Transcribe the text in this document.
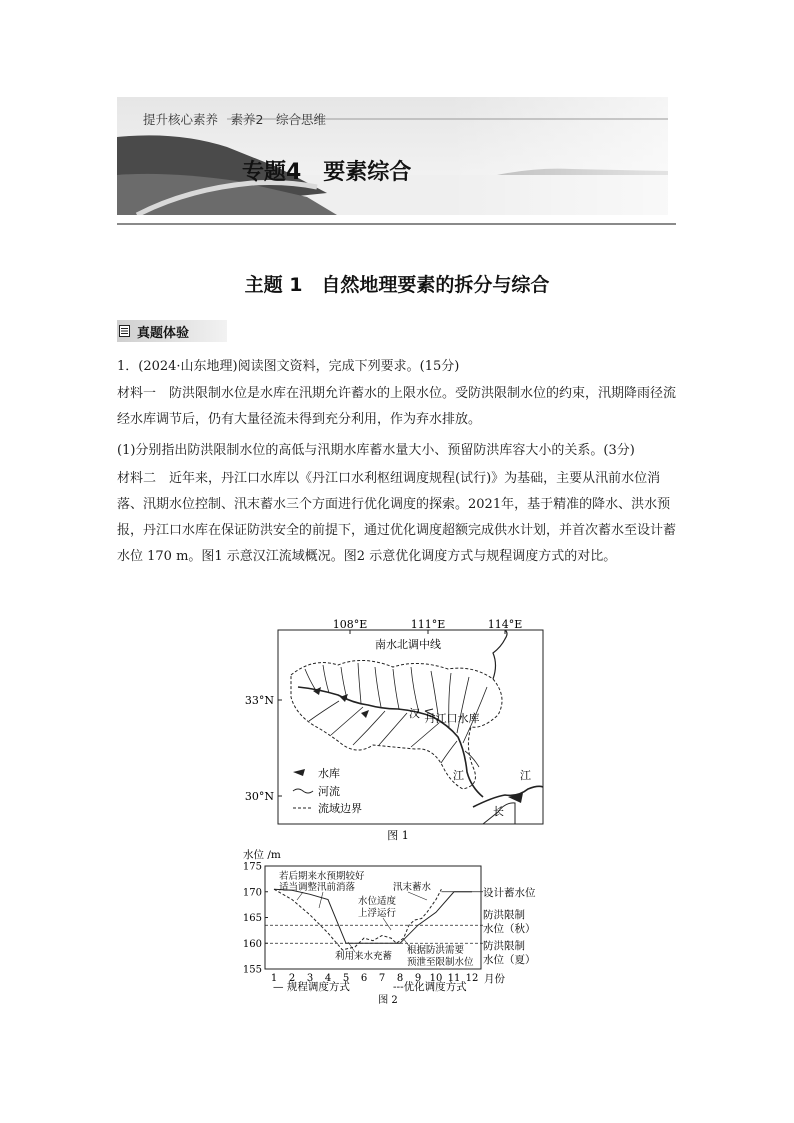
提升核心素养　素养2　综合思维
专题4　要素综合
主题 1　自然地理要素的拆分与综合
真题体验
1．(2024·山东地理)阅读图文资料，完成下列要求。(15分)
材料一　防洪限制水位是水库在汛期允许蓄水的上限水位。受防洪限制水位的约束，汛期降雨径流经水库调节后，仍有大量径流未得到充分利用，作为弃水排放。
(1)分别指出防洪限制水位的高低与汛期水库蓄水量大小、预留防洪库容大小的关系。(3分)
材料二　近年来，丹江口水库以《丹江口水利枢纽调度规程(试行)》为基础，主要从汛前水位消落、汛期水位控制、汛末蓄水三个方面进行优化调度的探索。2021年，基于精准的降水、洪水预报，丹江口水库在保证防洪安全的前提下，通过优化调度超额完成供水计划，并首次蓄水至设计蓄水位 170 m。图1 示意汉江流域概况。图2 示意优化调度方式与规程调度方式的对比。
108°E	111°E	114°E
33°N
30°N
南水北调中线
丹江口水库
汉
江
长
江
水库
河流
流域边界
图 1
水位 /m
155
160
165
170
175
1 2 3 4 5 6 7 8 9 10 11 12 月份
设计蓄水位
防洪限制
水位（秋）
防洪限制
水位（夏）
若后期来水预期较好
适当调整汛前消落	汛末蓄水
水位适度
上浮运行
利用来水充蓄
根据防洪需要
预泄至限制水位
— 规程调度方式	---优化调度方式
图 2
